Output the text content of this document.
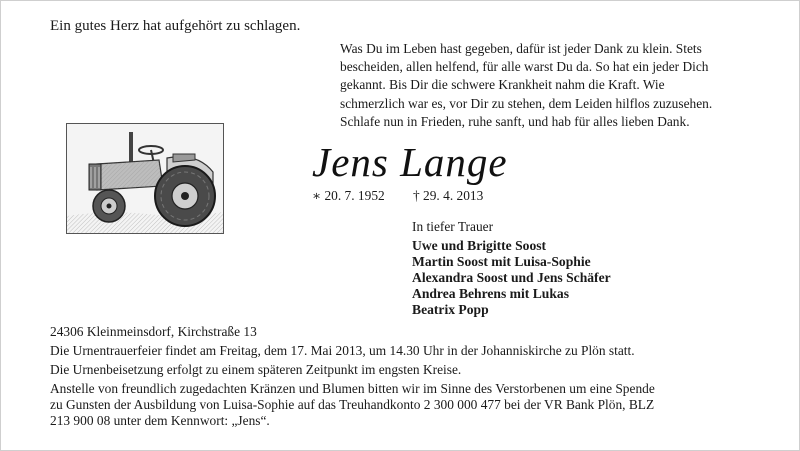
Ein gutes Herz hat aufgehört zu schlagen.
Was Du im Leben hast gegeben, dafür ist jeder Dank zu klein. Stets
bescheiden, allen helfend, für alle warst Du da. So hat ein jeder Dich
gekannt. Bis Dir die schwere Krankheit nahm die Kraft. Wie
schmerzlich war es, vor Dir zu stehen, dem Leiden hilflos zuzusehen.
Schlafe nun in Frieden, ruhe sanft, und hab für alles lieben Dank.
Jens Lange
∗ 20. 7. 1952 † 29. 4. 2013
In tiefer Trauer
Uwe und Brigitte Soost
Martin Soost mit Luisa-Sophie
Alexandra Soost und Jens Schäfer
Andrea Behrens mit Lukas
Beatrix Popp
24306 Kleinmeinsdorf, Kirchstraße 13
Die Urnentrauerfeier findet am Freitag, dem 17. Mai 2013, um 14.30 Uhr in der Johanniskirche zu Plön statt.
Die Urnenbeisetzung erfolgt zu einem späteren Zeitpunkt im engsten Kreise.
Anstelle von freundlich zugedachten Kränzen und Blumen bitten wir im Sinne des Verstorbenen um eine Spende
zu Gunsten der Ausbildung von Luisa-Sophie auf das Treuhandkonto 2 300 000 477 bei der VR Bank Plön, BLZ
213 900 08 unter dem Kennwort: „Jens“.
